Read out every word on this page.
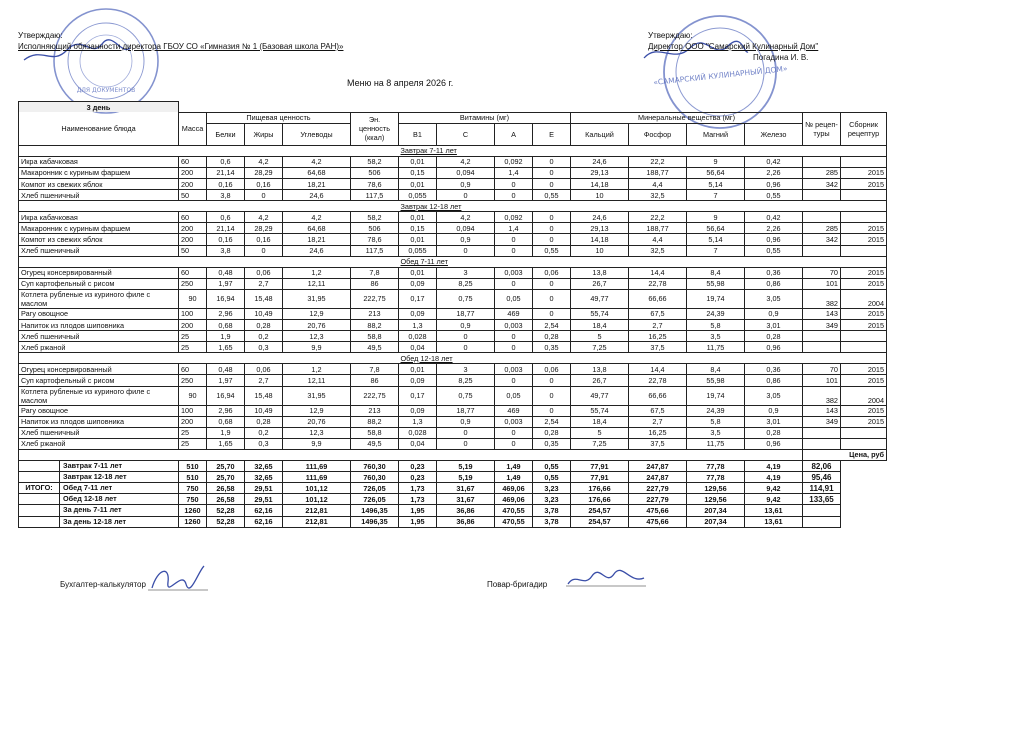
ДЛЯ ДОКУМЕНТОВ
«САМАРСКИЙ КУЛИНАРНЫЙ ДОМ»
Утверждаю:
Исполняющий обязанности директора ГБОУ СО «Гимназия № 1 (Базовая школа РАН)»
Утверждаю:
Директор ООО "Самарский Кулинарный Дом"
Погадина И. В.
Меню на 8 апреля 2026 г.
3 день															
Наименование блюда	Масса	Пищевая ценность			Эн. ценность (ккал)	Витамины (мг)				Минеральные вещества (мг)				№ рецеп- туры	Сборник рецептур
		Белки	Жиры	Углеводы		В1	С	А	Е	Кальций	Фосфор	Магний	Железо		
						Завтрак 7-11 лет									
Икра кабачковая	60	0,6	4,2	4,2	58,2	0,01	4,2	0,092	0	24,6	22,2	9	0,42		
Макаронник с куриным фаршем	200	21,14	28,29	64,68	506	0,15	0,094	1,4	0	29,13	188,77	56,64	2,26	285	2015
Компот из свежих яблок	200	0,16	0,16	18,21	78,6	0,01	0,9	0	0	14,18	4,4	5,14	0,96	342	2015
Хлеб пшеничный	50	3,8	0	24,6	117,5	0,055	0	0	0,55	10	32,5	7	0,55		
						Завтрак 12-18 лет									
Икра кабачковая	60	0,6	4,2	4,2	58,2	0,01	4,2	0,092	0	24,6	22,2	9	0,42		
Макаронник с куриным фаршем	200	21,14	28,29	64,68	506	0,15	0,094	1,4	0	29,13	188,77	56,64	2,26	285	2015
Компот из свежих яблок	200	0,16	0,16	18,21	78,6	0,01	0,9	0	0	14,18	4,4	5,14	0,96	342	2015
Хлеб пшеничный	50	3,8	0	24,6	117,5	0,055	0	0	0,55	10	32,5	7	0,55		
						Обед 7-11 лет									
Огурец консервированный	60	0,48	0,06	1,2	7,8	0,01	3	0,003	0,06	13,8	14,4	8,4	0,36	70	2015
Суп картофельный с рисом	250	1,97	2,7	12,11	86	0,09	8,25	0	0	26,7	22,78	55,98	0,86	101	2015
Котлета рубленые из куриного филе с маслом	90	16,94	15,48	31,95	222,75	0,17	0,75	0,05	0	49,77	66,66	19,74	3,05	382	2004
Рагу овощное	100	2,96	10,49	12,9	213	0,09	18,77	469	0	55,74	67,5	24,39	0,9	143	2015
Напиток из плодов шиповника	200	0,68	0,28	20,76	88,2	1,3	0,9	0,003	2,54	18,4	2,7	5,8	3,01	349	2015
Хлеб пшеничный	25	1,9	0,2	12,3	58,8	0,028	0	0	0,28	5	16,25	3,5	0,28		
Хлеб ржаной	25	1,65	0,3	9,9	49,5	0,04	0	0	0,35	7,25	37,5	11,75	0,96		
						Обед 12-18 лет									
Огурец консервированный	60	0,48	0,06	1,2	7,8	0,01	3	0,003	0,06	13,8	14,4	8,4	0,36	70	2015
Суп картофельный с рисом	250	1,97	2,7	12,11	86	0,09	8,25	0	0	26,7	22,78	55,98	0,86	101	2015
Котлета рубленые из куриного филе с маслом	90	16,94	15,48	31,95	222,75	0,17	0,75	0,05	0	49,77	66,66	19,74	3,05	382	2004
Рагу овощное	100	2,96	10,49	12,9	213	0,09	18,77	469	0	55,74	67,5	24,39	0,9	143	2015
Напиток из плодов шиповника	200	0,68	0,28	20,76	88,2	1,3	0,9	0,003	2,54	18,4	2,7	5,8	3,01	349	2015
Хлеб пшеничный	25	1,9	0,2	12,3	58,8	0,028	0	0	0,28	5	16,25	3,5	0,28		
Хлеб ржаной	25	1,65	0,3	9,9	49,5	0,04	0	0	0,35	7,25	37,5	11,75	0,96		
														Цена, руб	

Завтрак 7-11 лет	510	25,70	32,65	111,69	760,30	0,23	5,19	1,49	0,55	77,91	247,87	77,78	4,19	82,06	

Завтрак 12-18 лет	510	25,70	32,65	111,69	760,30	0,23	5,19	1,49	0,55	77,91	247,87	77,78	4,19	95,46	

ИТОГО: Обед 7-11 лет	750	26,58	29,51	101,12	726,05	1,73	31,67	469,06	3,23	176,66	227,79	129,56	9,42	114,91	

Обед 12-18 лет	750	26,58	29,51	101,12	726,05	1,73	31,67	469,06	3,23	176,66	227,79	129,56	9,42	133,65	

За день 7-11 лет	1260	52,28	62,16	212,81	1496,35	1,95	36,86	470,55	3,78	254,57	475,66	207,34	13,61		

За день 12-18 лет	1260	52,28	62,16	212,81	1496,35	1,95	36,86	470,55	3,78	254,57	475,66	207,34	13,61		
Бухгалтер-калькулятор	Повар-бригадир
